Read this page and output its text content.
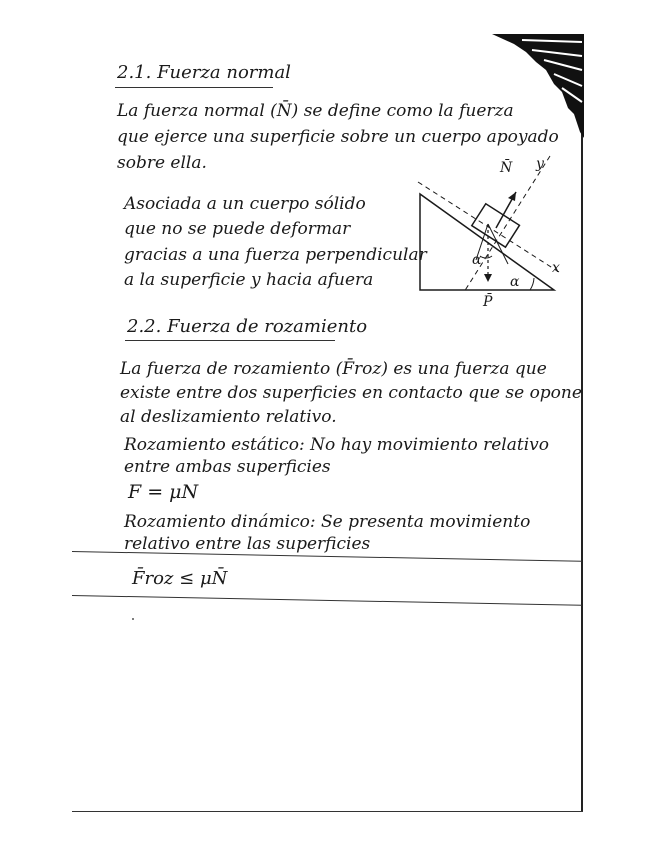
2.1. Fuerza normal
La fuerza normal (N̄) se define como la fuerza
que ejerce una superficie sobre un cuerpo apoyado
sobre ella.
Asociada a un cuerpo sólido
que no se puede deformar
gracias a una fuerza perpendicular
a la superficie y hacia afuera
N̄ y
x
P̄
α
α
2.2. Fuerza de rozamiento
La fuerza de rozamiento (F̄roz) es una fuerza que
existe entre dos superficies en contacto que se opone
al deslizamiento relativo.
Rozamiento estático: No hay movimiento relativo
entre ambas superficies
F = μN
Rozamiento dinámico: Se presenta movimiento
relativo entre las superficies
F̄roz ≤ μN̄
